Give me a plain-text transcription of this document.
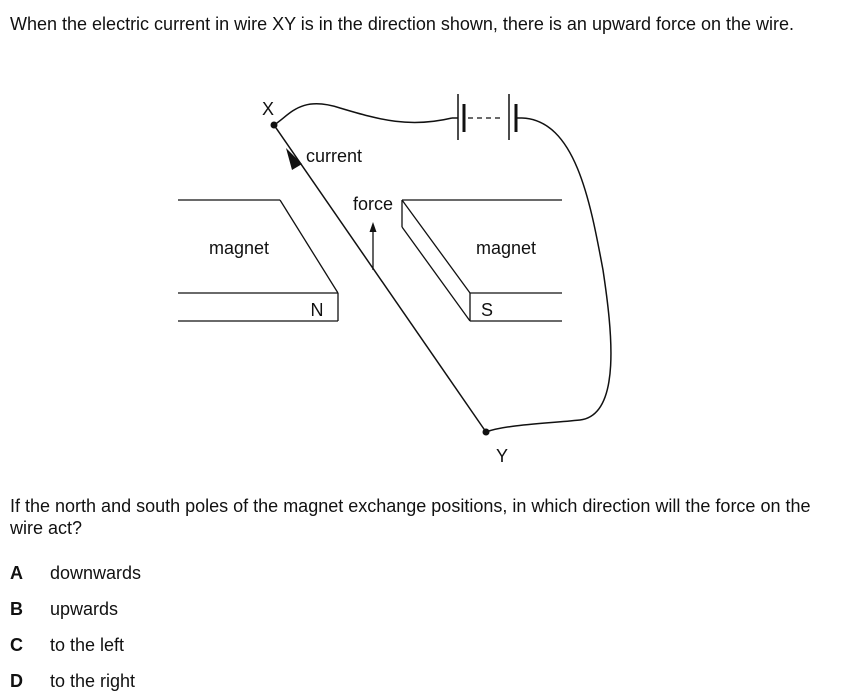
When the electric current in wire XY is in the direction shown, there is an upward force on the wire.

X
Y
current
force
magnet	magnet
N	S

If the north and south poles of the magnet exchange positions, in which direction will the force on the wire act?

A downwards
B upwards
C to the left
D to the right
